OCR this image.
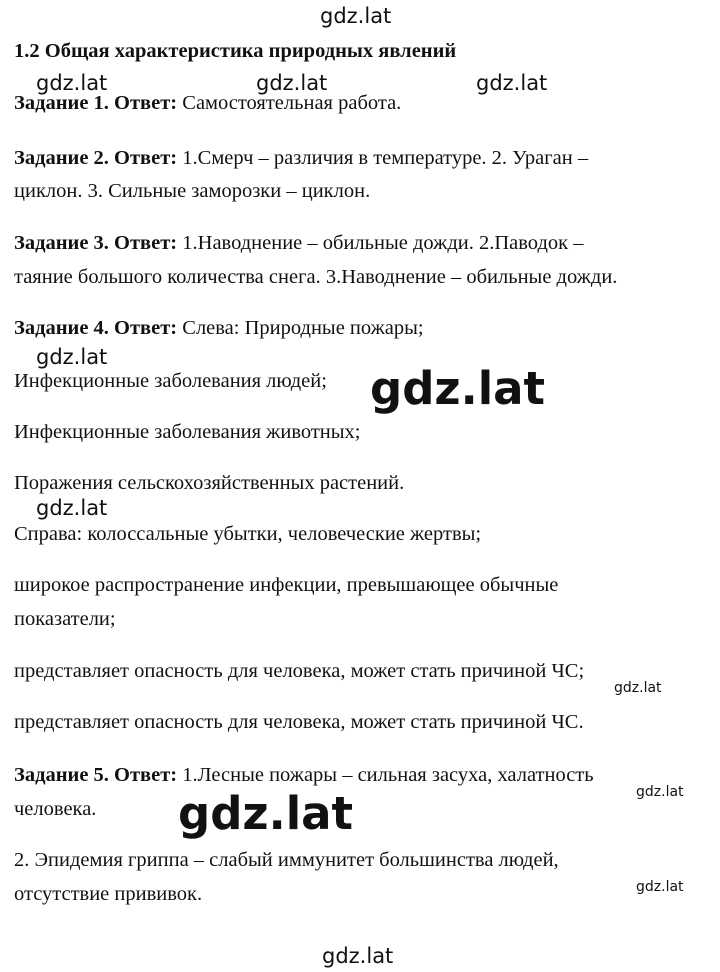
1.2 Общая характеристика природных явлений

Задание 1. Ответ: Самостоятельная работа.

Задание 2. Ответ: 1.Смерч – различия в температуре. 2. Ураган –

циклон. 3. Сильные заморозки – циклон.

Задание 3. Ответ: 1.Наводнение – обильные дожди. 2.Паводок –

таяние большого количества снега. 3.Наводнение – обильные дожди.

Задание 4. Ответ: Слева: Природные пожары;

Инфекционные заболевания людей;

Инфекционные заболевания животных;

Поражения сельскохозяйственных растений.

Справа: колоссальные убытки, человеческие жертвы;

широкое распространение инфекции, превышающее обычные

показатели;

представляет опасность для человека, может стать причиной ЧС;

представляет опасность для человека, может стать причиной ЧС.

Задание 5. Ответ: 1.Лесные пожары – сильная засуха, халатность

человека.

2. Эпидемия гриппа – слабый иммунитет большинства людей,

отсутствие прививок.

gdz.lat
gdz.lat	gdz.lat	gdz.lat
gdz.lat
gdz.lat
gdz.lat
gdz.lat
gdz.lat
gdz.lat
gdz.lat
gdz.lat
